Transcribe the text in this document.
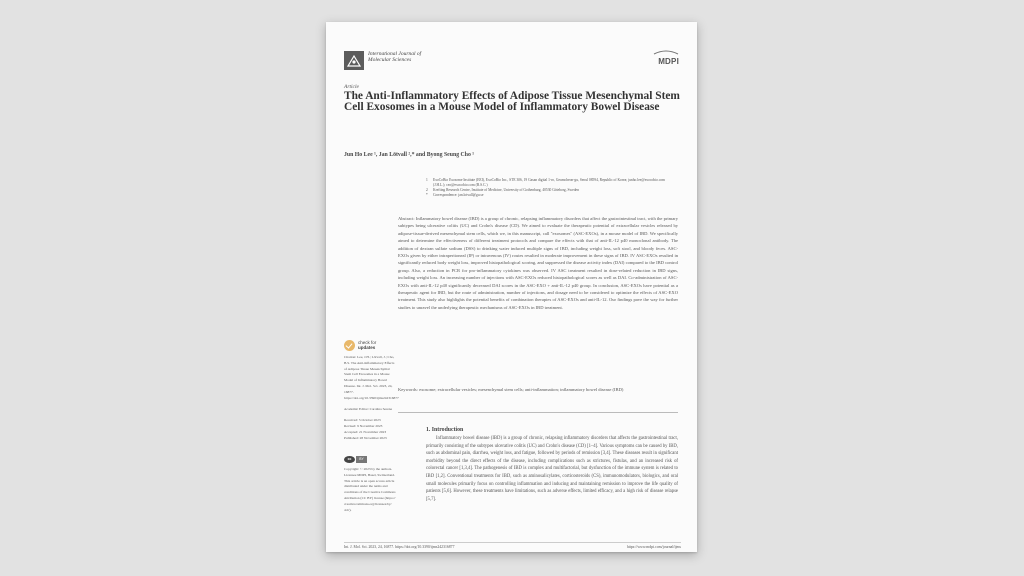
International Journal of
Molecular Sciences	MDPI
Article
The Anti-Inflammatory Effects of Adipose Tissue Mesenchymal Stem Cell Exosomes in a Mouse Model of Inflammatory Bowel Disease
Jun Ho Lee ¹, Jan Lötvall ²,* and Byong Seung Cho ¹
1	ExoCoBio Exosome Institute (EEI), ExoCoBio Inc., STE 306, 19 Gasan digital 1-ro, Geumcheon-gu, Seoul 08594, Republic of Korea; junho.lee@exocobio.com (J.H.L.); ceo@exocobio.com (B.S.C.)
2	Krefting Research Centre, Institute of Medicine, University of Gothenburg, 40530 Göteborg, Sweden
*	Correspondence: jan.lotvall@gu.se

Abstract: Inflammatory bowel disease (IBD) is a group of chronic, relapsing inflammatory disorders that affect the gastrointestinal tract, with the primary subtypes being ulcerative colitis (UC) and Crohn's disease (CD). We aimed to evaluate the therapeutic potential of extracellular vesicles released by adipose-tissue-derived mesenchymal stem cells, which we, in this manuscript, call "exosomes" (ASC-EXOs), in a mouse model of IBD. We specifically aimed to determine the effectiveness of different treatment protocols and compare the effects with that of anti-IL-12 p40 monoclonal antibody. The addition of dextran sulfate sodium (DSS) to drinking water induced multiple signs of IBD, including weight loss, soft stool, and bloody feces. ASC-EXOs given by either intraperitoneal (IP) or intravenous (IV) routes resulted in moderate improvement in these signs of IBD. IV ASC-EXOs resulted in significantly reduced body weight loss, improved histopathological scoring, and suppressed the disease activity index (DAI) compared to the IBD control group. Also, a reduction in PCR for pro-inflammatory cytokines was observed. IV ASC treatment resulted in dose-related reduction in IBD signs, including weight loss. An increasing number of injections with ASC-EXOs reduced histopathological scores as well as DAI. Co-administration of ASC-EXOs with anti-IL-12 p40 significantly decreased DAI scores in the ASC-EXO + anti-IL-12 p40 group. In conclusion, ASC-EXOs have potential as a therapeutic agent for IBD, but the route of administration, number of injections, and dosage need to be considered to optimize the effects of ASC-EXO treatment. This study also highlights the potential benefits of combination therapies of ASC-EXOs and anti-IL-12. Our findings pave the way for further studies to unravel the underlying therapeutic mechanisms of ASC-EXOs in IBD treatment.

Keywords: exosome; extracellular vesicles; mesenchymal stem cells; anti-inflammation; inflammatory bowel disease (IBD)
check for
updates
Citation: Lee, J.H.; Lötvall, J.; Cho, B.S. The Anti-Inflammatory Effects of Adipose Tissue Mesenchymal Stem Cell Exosomes in a Mouse Model of Inflammatory Bowel Disease. Int. J. Mol. Sci. 2023, 24, 16877. https://doi.org/10.3390/ijms242316877
Academic Editor: Carolina Serena
Received: 5 October 2023
Revised: 9 November 2023
Accepted: 21 November 2023
Published: 28 November 2023
cc	BY
Copyright: © 2023 by the authors. Licensee MDPI, Basel, Switzerland. This article is an open access article distributed under the terms and conditions of the Creative Commons Attribution (CC BY) license (https:// creativecommons.org/licenses/by/ 4.0/).
1. Introduction

Inflammatory bowel disease (IBD) is a group of chronic, relapsing inflammatory disorders that affects the gastrointestinal tract, primarily consisting of the subtypes ulcerative colitis (UC) and Crohn's disease (CD) [1–4]. Various symptoms can be caused by IBD, such as abdominal pain, diarrhea, weight loss, and fatigue, followed by periods of remission [3,4]. These diseases result in significant morbidity beyond the direct effects of the disease, including complications such as strictures, fistulas, and an increased risk of colorectal cancer [1,3,4]. The pathogenesis of IBD is complex and multifactorial, but dysfunction of the immune system is related to IBD [1,2]. Conventional treatments for IBD, such as aminosalicylates, corticosteroids (CS), immunomodulators, biologics, and oral small molecules primarily focus on controlling inflammation and inducing and maintaining remission to improve the life quality of patients [5,6]. However, these treatments have limitations, such as adverse effects, limited efficacy, and a high risk of disease relapse [5,7].

Int. J. Mol. Sci. 2023, 24, 16877. https://doi.org/10.3390/ijms242316877	https://www.mdpi.com/journal/ijms
